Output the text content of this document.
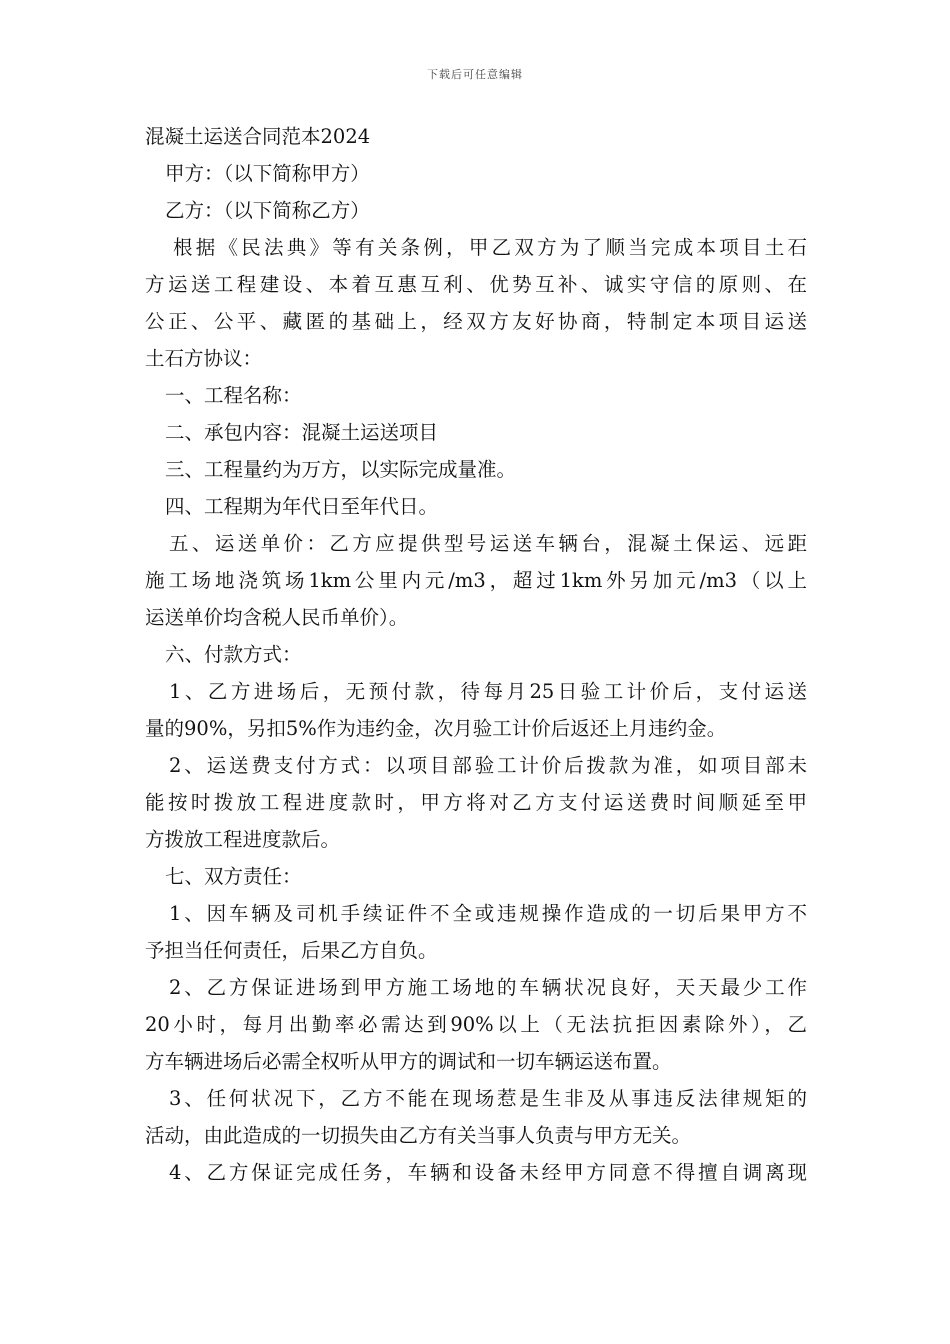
下载后可任意编辑
混凝土运送合同范本2024
甲方：（以下简称甲方）
乙方：（以下简称乙方）
根据《民法典》等有关条例，甲乙双方为了顺当完成本项目土石
方运送工程建设、本着互惠互利、优势互补、诚实守信的原则、在
公正、公平、藏匿的基础上，经双方友好协商，特制定本项目运送
土石方协议：
一、工程名称：
二、承包内容：混凝土运送项目
三、工程量约为万方，以实际完成量准。
四、工程期为年代日至年代日。
五、运送单价：乙方应提供型号运送车辆台，混凝土保运、远距
施工场地浇筑场1km公里内元/m3，超过1km外另加元/m3（以上
运送单价均含税人民币单价）。
六、付款方式：
1、乙方进场后，无预付款，待每月25日验工计价后，支付运送
量的90%，另扣5%作为违约金，次月验工计价后返还上月违约金。
2、运送费支付方式：以项目部验工计价后拨款为准，如项目部未
能按时拨放工程进度款时，甲方将对乙方支付运送费时间顺延至甲
方拨放工程进度款后。
七、双方责任：
1、因车辆及司机手续证件不全或违规操作造成的一切后果甲方不
予担当任何责任，后果乙方自负。
2、乙方保证进场到甲方施工场地的车辆状况良好，天天最少工作
20小时，每月出勤率必需达到90%以上（无法抗拒因素除外），乙
方车辆进场后必需全权听从甲方的调试和一切车辆运送布置。
3、任何状况下，乙方不能在现场惹是生非及从事违反法律规矩的
活动，由此造成的一切损失由乙方有关当事人负责与甲方无关。
4、乙方保证完成任务，车辆和设备未经甲方同意不得擅自调离现
